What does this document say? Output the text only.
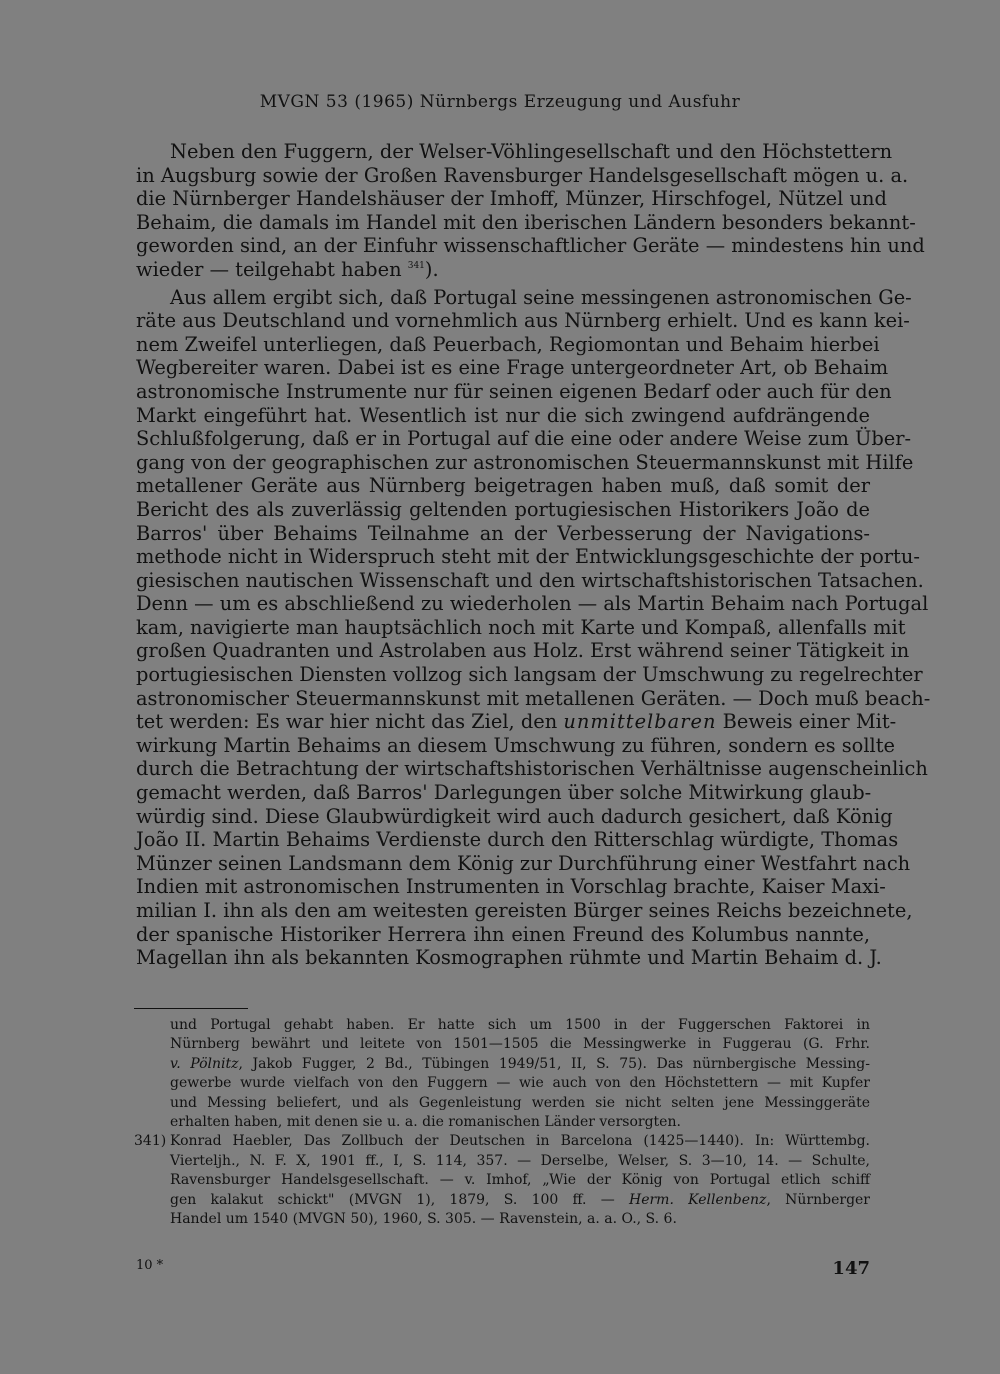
MVGN 53 (1965) Nürnbergs Erzeugung und Ausfuhr
Neben den Fuggern, der Welser-Vöhlingesellschaft und den Höchstettern
in Augsburg sowie der Großen Ravensburger Handelsgesellschaft mögen u. a.
die Nürnberger Handelshäuser der Imhoff, Münzer, Hirschfogel, Nützel und
Behaim, die damals im Handel mit den iberischen Ländern besonders bekannt-
geworden sind, an der Einfuhr wissenschaftlicher Geräte — mindestens hin und
wieder — teilgehabt haben $^{341}$).
Aus allem ergibt sich, daß Portugal seine messingenen astronomischen Ge-
räte aus Deutschland und vornehmlich aus Nürnberg erhielt. Und es kann kei-
nem Zweifel unterliegen, daß Peuerbach, Regiomontan und Behaim hierbei
Wegbereiter waren. Dabei ist es eine Frage untergeordneter Art, ob Behaim
astronomische Instrumente nur für seinen eigenen Bedarf oder auch für den
Markt eingeführt hat. Wesentlich ist nur die sich zwingend aufdrängende
Schlußfolgerung, daß er in Portugal auf die eine oder andere Weise zum Über-
gang von der geographischen zur astronomischen Steuermannskunst mit Hilfe
metallener Geräte aus Nürnberg beigetragen haben muß, daß somit der
Bericht des als zuverlässig geltenden portugiesischen Historikers João de
Barros' über Behaims Teilnahme an der Verbesserung der Navigations-
methode nicht in Widerspruch steht mit der Entwicklungsgeschichte der portu-
giesischen nautischen Wissenschaft und den wirtschaftshistorischen Tatsachen.
Denn — um es abschließend zu wiederholen — als Martin Behaim nach Portugal
kam, navigierte man hauptsächlich noch mit Karte und Kompaß, allenfalls mit
großen Quadranten und Astrolaben aus Holz. Erst während seiner Tätigkeit in
portugiesischen Diensten vollzog sich langsam der Umschwung zu regelrechter
astronomischer Steuermannskunst mit metallenen Geräten. — Doch muß beach-
tet werden: Es war hier nicht das Ziel, den unmittelbaren Beweis einer Mit-
wirkung Martin Behaims an diesem Umschwung zu führen, sondern es sollte
durch die Betrachtung der wirtschaftshistorischen Verhältnisse augenscheinlich
gemacht werden, daß Barros' Darlegungen über solche Mitwirkung glaub-
würdig sind. Diese Glaubwürdigkeit wird auch dadurch gesichert, daß König
João II. Martin Behaims Verdienste durch den Ritterschlag würdigte, Thomas
Münzer seinen Landsmann dem König zur Durchführung einer Westfahrt nach
Indien mit astronomischen Instrumenten in Vorschlag brachte, Kaiser Maxi-
milian I. ihn als den am weitesten gereisten Bürger seines Reichs bezeichnete,
der spanische Historiker Herrera ihn einen Freund des Kolumbus nannte,
Magellan ihn als bekannten Kosmographen rühmte und Martin Behaim d. J.
und Portugal gehabt haben. Er hatte sich um 1500 in der Fuggerschen Faktorei in
Nürnberg bewährt und leitete von 1501—1505 die Messingwerke in Fuggerau (G. Frhr.
v. Pölnitz, Jakob Fugger, 2 Bd., Tübingen 1949/51, II, S. 75). Das nürnbergische Messing-
gewerbe wurde vielfach von den Fuggern — wie auch von den Höchstettern — mit Kupfer
und Messing beliefert, und als Gegenleistung werden sie nicht selten jene Messinggeräte
erhalten haben, mit denen sie u. a. die romanischen Länder versorgten.
341) Konrad Haebler, Das Zollbuch der Deutschen in Barcelona (1425—1440). In: Württembg.
Vierteljh., N. F. X, 1901 ff., I, S. 114, 357. — Derselbe, Welser, S. 3—10, 14. — Schulte,
Ravensburger Handelsgesellschaft. — v. Imhof, „Wie der König von Portugal etlich schiff
gen kalakut schickt" (MVGN 1), 1879, S. 100 ff. — Herm. Kellenbenz, Nürnberger
Handel um 1540 (MVGN 50), 1960, S. 305. — Ravenstein, a. a. O., S. 6.
10 *	147
